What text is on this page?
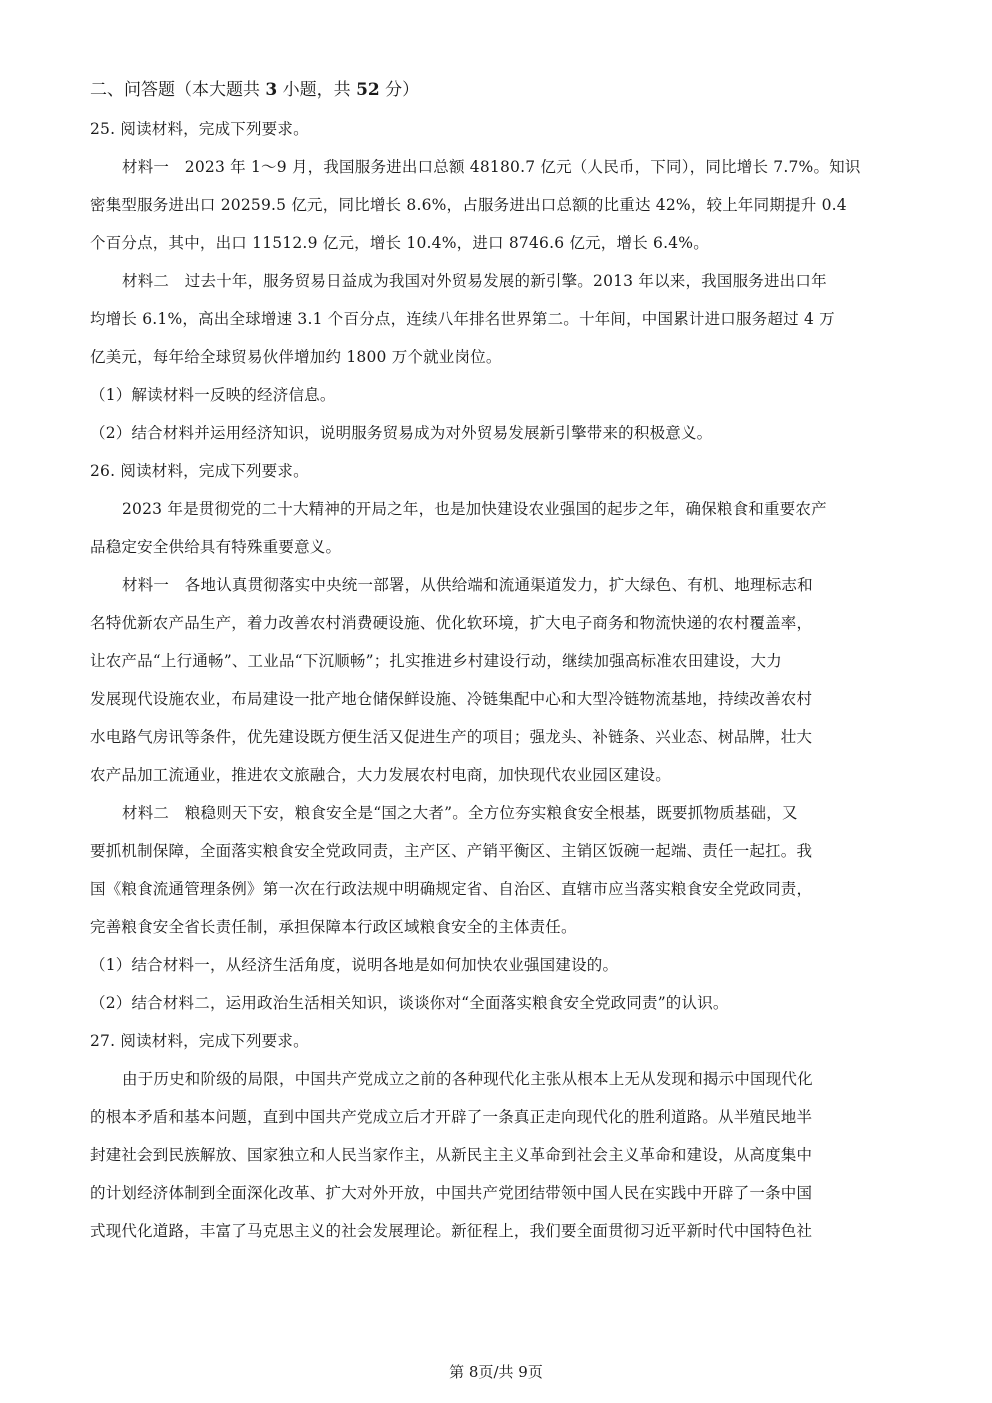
二、问答题（本大题共 3 小题，共 52 分）
25. 阅读材料，完成下列要求。
材料一　2023 年 1～9 月，我国服务进出口总额 48180.7 亿元（人民币，下同），同比增长 7.7%。知识
密集型服务进出口 20259.5 亿元，同比增长 8.6%，占服务进出口总额的比重达 42%，较上年同期提升 0.4
个百分点，其中，出口 11512.9 亿元，增长 10.4%，进口 8746.6 亿元，增长 6.4%。
材料二　过去十年，服务贸易日益成为我国对外贸易发展的新引擎。2013 年以来，我国服务进出口年
均增长 6.1%，高出全球增速 3.1 个百分点，连续八年排名世界第二。十年间，中国累计进口服务超过 4 万
亿美元，每年给全球贸易伙伴增加约 1800 万个就业岗位。
（1）解读材料一反映的经济信息。
（2）结合材料并运用经济知识，说明服务贸易成为对外贸易发展新引擎带来的积极意义。
26. 阅读材料，完成下列要求。
2023 年是贯彻党的二十大精神的开局之年，也是加快建设农业强国的起步之年，确保粮食和重要农产
品稳定安全供给具有特殊重要意义。
材料一　各地认真贯彻落实中央统一部署，从供给端和流通渠道发力，扩大绿色、有机、地理标志和
名特优新农产品生产，着力改善农村消费硬设施、优化软环境，扩大电子商务和物流快递的农村覆盖率，
让农产品“上行通畅”、工业品“下沉顺畅”；扎实推进乡村建设行动，继续加强高标准农田建设，大力
发展现代设施农业，布局建设一批产地仓储保鲜设施、冷链集配中心和大型冷链物流基地，持续改善农村
水电路气房讯等条件，优先建设既方便生活又促进生产的项目；强龙头、补链条、兴业态、树品牌，壮大
农产品加工流通业，推进农文旅融合，大力发展农村电商，加快现代农业园区建设。
材料二　粮稳则天下安，粮食安全是“国之大者”。全方位夯实粮食安全根基，既要抓物质基础，又
要抓机制保障，全面落实粮食安全党政同责，主产区、产销平衡区、主销区饭碗一起端、责任一起扛。我
国《粮食流通管理条例》第一次在行政法规中明确规定省、自治区、直辖市应当落实粮食安全党政同责，
完善粮食安全省长责任制，承担保障本行政区域粮食安全的主体责任。
（1）结合材料一，从经济生活角度，说明各地是如何加快农业强国建设的。
（2）结合材料二，运用政治生活相关知识，谈谈你对“全面落实粮食安全党政同责”的认识。
27. 阅读材料，完成下列要求。
由于历史和阶级的局限，中国共产党成立之前的各种现代化主张从根本上无从发现和揭示中国现代化
的根本矛盾和基本问题，直到中国共产党成立后才开辟了一条真正走向现代化的胜利道路。从半殖民地半
封建社会到民族解放、国家独立和人民当家作主，从新民主主义革命到社会主义革命和建设，从高度集中
的计划经济体制到全面深化改革、扩大对外开放，中国共产党团结带领中国人民在实践中开辟了一条中国
式现代化道路，丰富了马克思主义的社会发展理论。新征程上，我们要全面贯彻习近平新时代中国特色社
第 8页/共 9页
